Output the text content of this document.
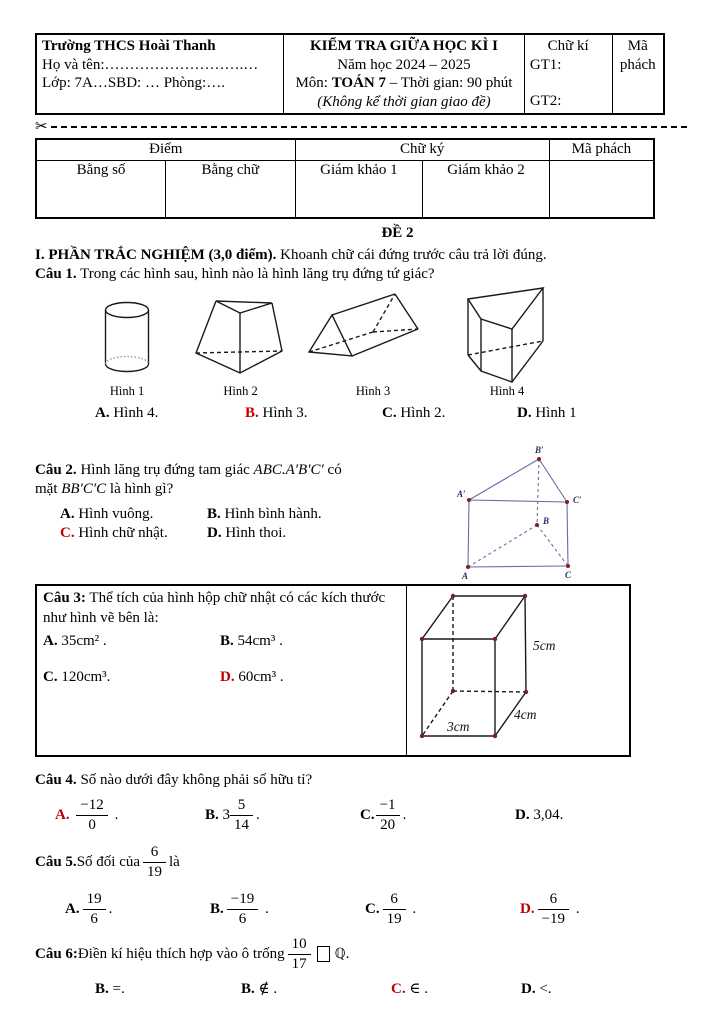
Trường THCS Hoài Thanh
Họ và tên:……………………….…
Lớp: 7A…SBD: … Phòng:….

KIỂM TRA GIỮA HỌC KÌ I
Năm học 2024 – 2025
Môn: TOÁN 7 – Thời gian: 90 phút
(Không kể thời gian giao đề)

Chữ kí
GT1:
GT2:

Mã phách
✂
Điểm		Chữ ký		Mã phách
Bằng số	Bằng chữ	Giám khảo 1	Giám khảo 2	
ĐỀ 2
I. PHẦN TRẮC NGHIỆM (3,0 điểm). Khoanh chữ cái đứng trước câu trả lời đúng.
Câu 1. Trong các hình sau, hình nào là hình lăng trụ đứng tứ giác?
Hình 1	Hình 2	Hình 3	Hình 4
A. Hình 4.	B. Hình 3.	C. Hình 2.	D. Hình 1
Câu 2. Hình lăng trụ đứng tam giác ABC.A′B′C′ có
mặt BB′C′C là hình gì?
A. Hình vuông.	B. Hình bình hành.
C. Hình chữ nhật.	D. Hình thoi.
B′
A′
C′
B
A	C
Câu 3: Thể tích của hình hộp chữ nhật có các kích thước như hình vẽ bên là:
A. 35cm² .	B. 54cm³ .
C. 120cm³.	D. 60cm³ .

5cm
4cm
3cm
Câu 4. Số nào dưới đây không phải số hữu tỉ?
A. $\frac{-12}{0}$ .	B. $3 \frac{5}{14}$ .	C. $\frac{-1}{20}$ .	D. 3,04.
Câu 5. Số đối của $\frac{6}{19}$ là
A. $\frac{19}{6}$ .	B. $\frac{-19}{6}$ .	C. $\frac{6}{19}$ .	D. $\frac{6}{-19}$ .
Câu 6: Điền kí hiệu thích hợp vào ô trống $\frac{10}{17}$ ℚ .
B. =.	B. ∉ .	C. ∈ .	D. <.
